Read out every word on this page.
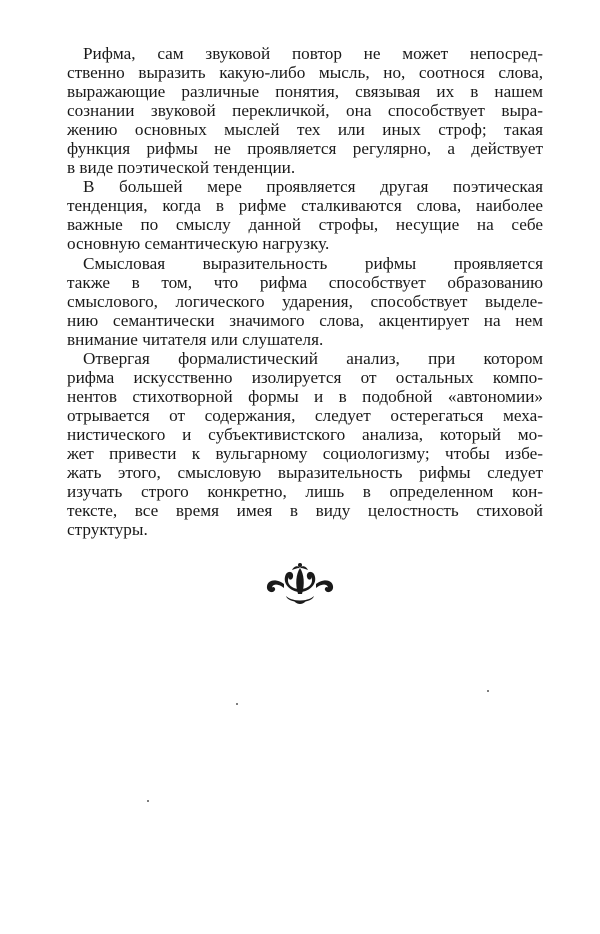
Рифма, сам звуковой повтор не может непосред-
ственно выразить какую-либо мысль, но, соотнося слова,
выражающие различные понятия, связывая их в нашем
сознании звуковой перекличкой, она способствует выра-
жению основных мыслей тех или иных строф; такая
функция рифмы не проявляется регулярно, а действует
в виде поэтической тенденции.
В большей мере проявляется другая поэтическая
тенденция, когда в рифме сталкиваются слова, наиболее
важные по смыслу данной строфы, несущие на себе
основную семантическую нагрузку.
Смысловая выразительность рифмы проявляется
также в том, что рифма способствует образованию
смыслового, логического ударения, способствует выделе-
нию семантически значимого слова, акцентирует на нем
внимание читателя или слушателя.
Отвергая формалистический анализ, при котором
рифма искусственно изолируется от остальных компо-
нентов стихотворной формы и в подобной «автономии»
отрывается от содержания, следует остерегаться меха-
нистического и субъективистского анализа, который мо-
жет привести к вульгарному социологизму; чтобы избе-
жать этого, смысловую выразительность рифмы следует
изучать строго конкретно, лишь в определенном кон-
тексте, все время имея в виду целостность стиховой
структуры.
